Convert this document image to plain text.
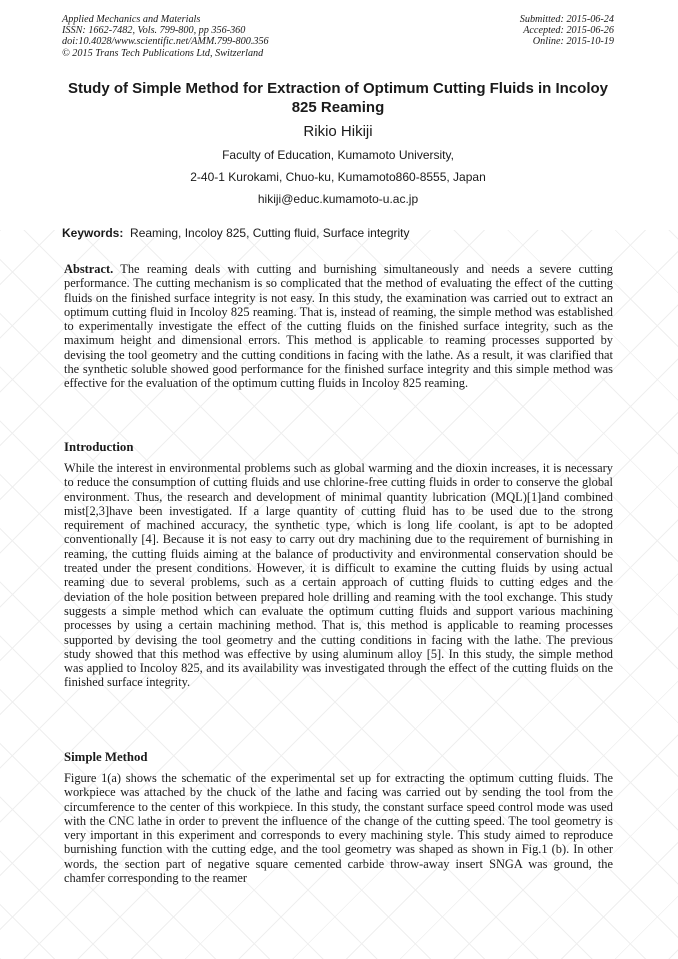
Applied Mechanics and Materials
ISSN: 1662-7482, Vols. 799-800, pp 356-360
doi:10.4028/www.scientific.net/AMM.799-800.356
© 2015 Trans Tech Publications Ltd, Switzerland
Submitted: 2015-06-24
Accepted: 2015-06-26
Online: 2015-10-19
Study of Simple Method for Extraction of Optimum Cutting Fluids in Incoloy 825 Reaming
Rikio Hikiji
Faculty of Education, Kumamoto University,
2-40-1 Kurokami, Chuo-ku, Kumamoto860-8555, Japan
hikiji@educ.kumamoto-u.ac.jp
Keywords: Reaming, Incoloy 825, Cutting fluid, Surface integrity
Abstract. The reaming deals with cutting and burnishing simultaneously and needs a severe cutting performance. The cutting mechanism is so complicated that the method of evaluating the effect of the cutting fluids on the finished surface integrity is not easy. In this study, the examination was carried out to extract an optimum cutting fluid in Incoloy 825 reaming. That is, instead of reaming, the simple method was established to experimentally investigate the effect of the cutting fluids on the finished surface integrity, such as the maximum height and dimensional errors. This method is applicable to reaming processes supported by devising the tool geometry and the cutting conditions in facing with the lathe. As a result, it was clarified that the synthetic soluble showed good performance for the finished surface integrity and this simple method was effective for the evaluation of the optimum cutting fluids in Incoloy 825 reaming.
Introduction
While the interest in environmental problems such as global warming and the dioxin increases, it is necessary to reduce the consumption of cutting fluids and use chlorine-free cutting fluids in order to conserve the global environment. Thus, the research and development of minimal quantity lubrication (MQL)[1]and combined mist[2,3]have been investigated. If a large quantity of cutting fluid has to be used due to the strong requirement of machined accuracy, the synthetic type, which is long life coolant, is apt to be adopted conventionally [4]. Because it is not easy to carry out dry machining due to the requirement of burnishing in reaming, the cutting fluids aiming at the balance of productivity and environmental conservation should be treated under the present conditions. However, it is difficult to examine the cutting fluids by using actual reaming due to several problems, such as a certain approach of cutting fluids to cutting edges and the deviation of the hole position between prepared hole drilling and reaming with the tool exchange. This study suggests a simple method which can evaluate the optimum cutting fluids and support various machining processes by using a certain machining method. That is, this method is applicable to reaming processes supported by devising the tool geometry and the cutting conditions in facing with the lathe. The previous study showed that this method was effective by using aluminum alloy [5]. In this study, the simple method was applied to Incoloy 825, and its availability was investigated through the effect of the cutting fluids on the finished surface integrity.
Simple Method
Figure 1(a) shows the schematic of the experimental set up for extracting the optimum cutting fluids. The workpiece was attached by the chuck of the lathe and facing was carried out by sending the tool from the circumference to the center of this workpiece. In this study, the constant surface speed control mode was used with the CNC lathe in order to prevent the influence of the change of the cutting speed. The tool geometry is very important in this experiment and corresponds to every machining style. This study aimed to reproduce burnishing function with the cutting edge, and the tool geometry was shaped as shown in Fig.1 (b). In other words, the section part of negative square cemented carbide throw-away insert SNGA was ground, the chamfer corresponding to the reamer
